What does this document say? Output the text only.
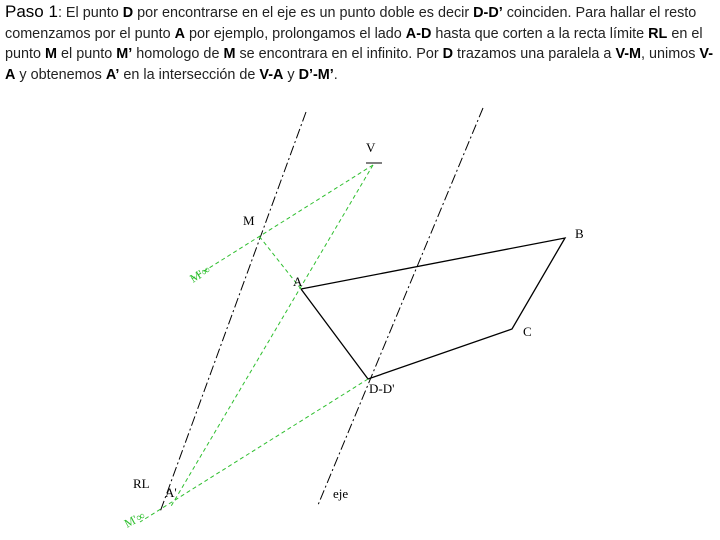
Paso 1: El punto D por encontrarse en el eje es un punto doble es decir D-D’ coinciden. Para hallar el resto comenzamos por el punto A por ejemplo, prolongamos el lado A-D hasta que corten a la recta límite RL en el punto M el punto M’ homologo de M se encontrara en el infinito. Por D trazamos una paralela a V-M, unimos V-A y obtenemos A’ en la intersección de V-A y D’-M’.

V
M
M'∞	A
B
C
D-D'
RL
A'	eje
M'∞
